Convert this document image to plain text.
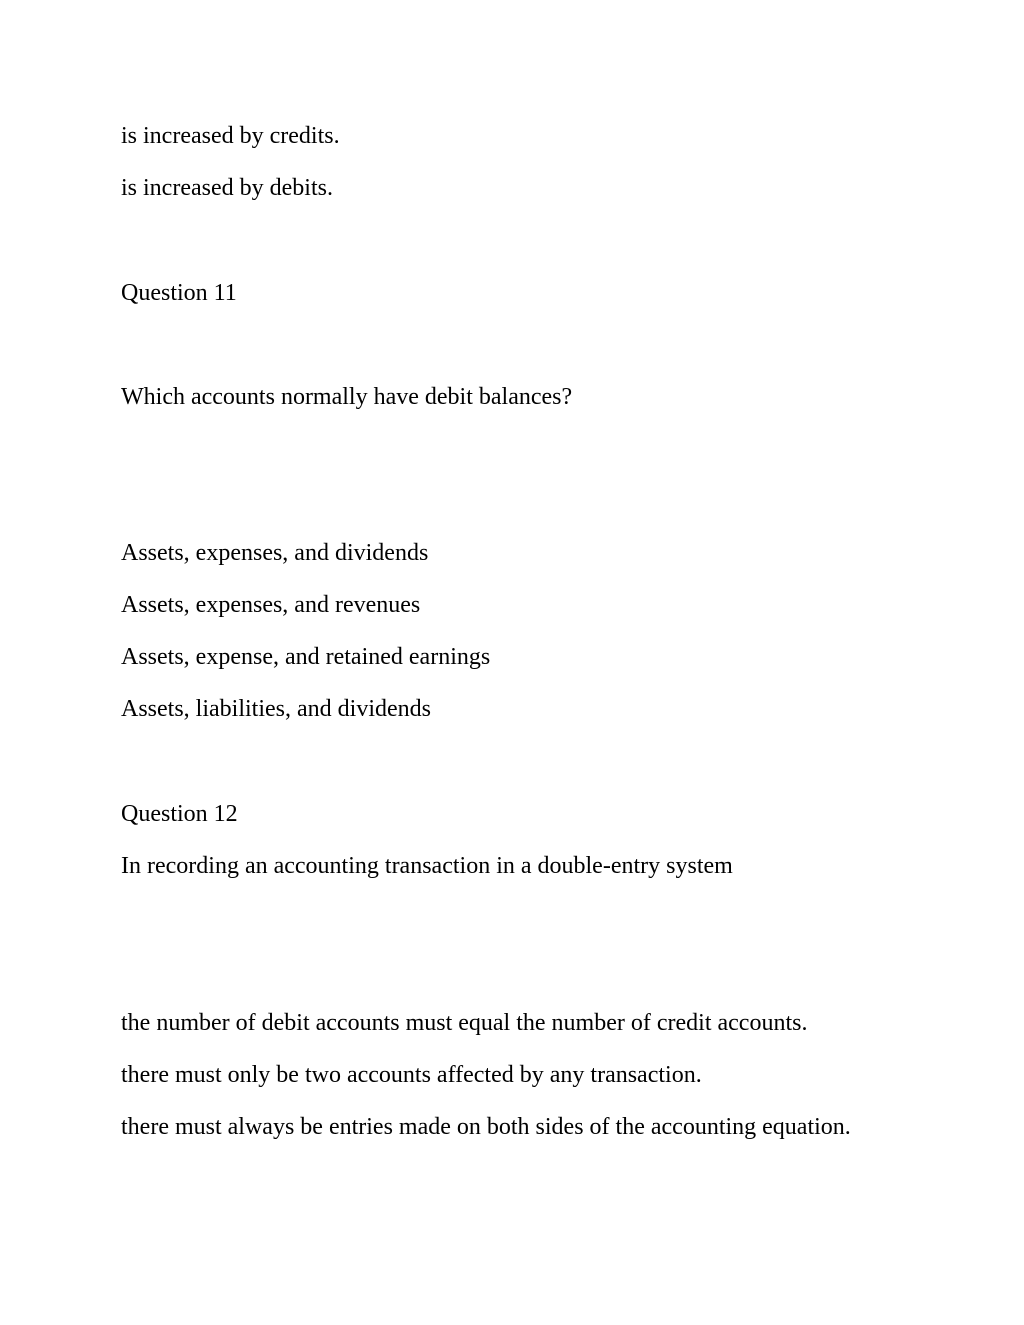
is increased by credits.

is increased by debits.

Question 11

Which accounts normally have debit balances?

Assets, expenses, and dividends

Assets, expenses, and revenues

Assets, expense, and retained earnings

Assets, liabilities, and dividends

Question 12

In recording an accounting transaction in a double-entry system

the number of debit accounts must equal the number of credit accounts.

there must only be two accounts affected by any transaction.

there must always be entries made on both sides of the accounting equation.
